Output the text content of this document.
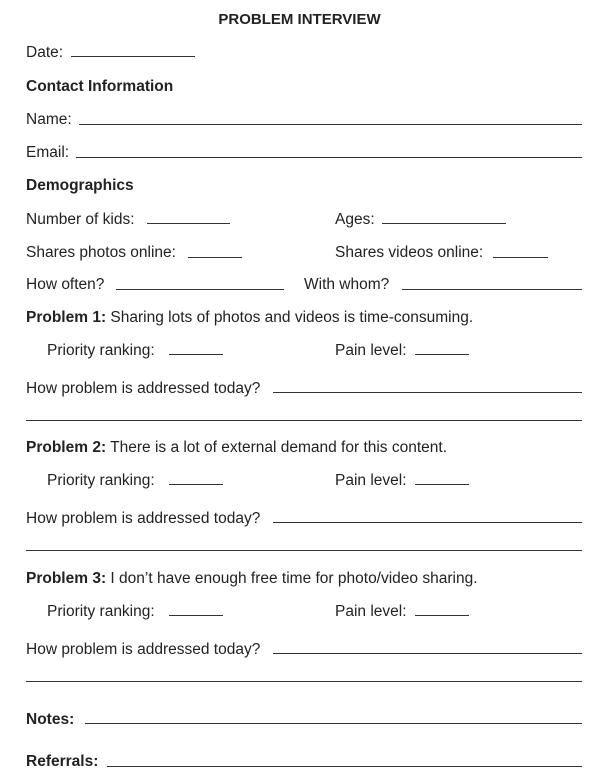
PROBLEM INTERVIEW
Date:
Contact Information
Name:
Email:
Demographics
Number of kids:	Ages:
Shares photos online:	Shares videos online:
How often?	With whom?
Problem 1: Sharing lots of photos and videos is time-consuming.
Priority ranking:	Pain level:
How problem is addressed today?
Problem 2: There is a lot of external demand for this content.
Priority ranking:	Pain level:
How problem is addressed today?
Problem 3: I don’t have enough free time for photo/video sharing.
Priority ranking:	Pain level:
How problem is addressed today?
Notes:
Referrals:
